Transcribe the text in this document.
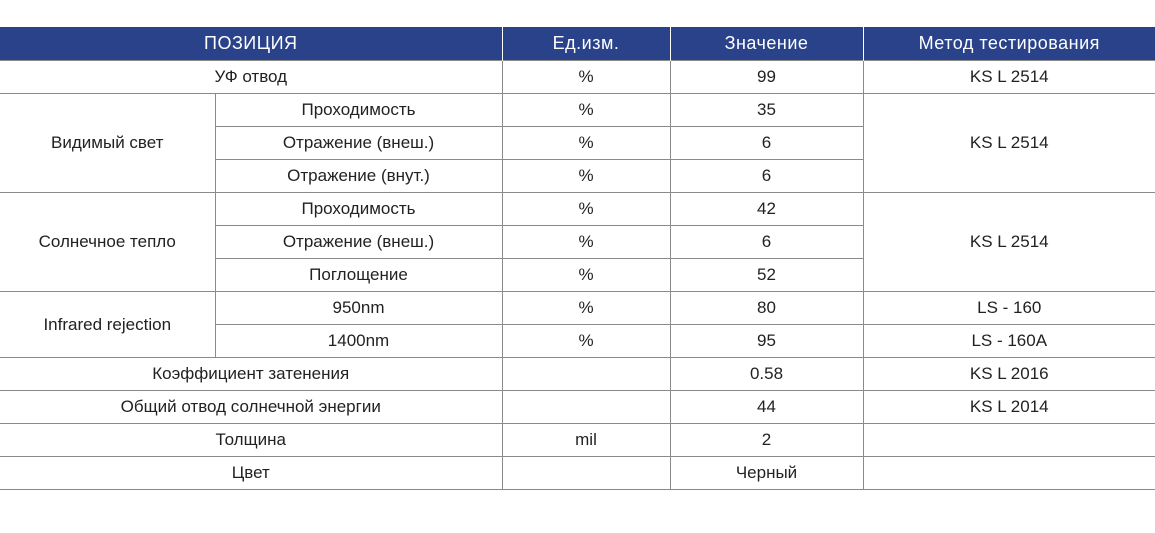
ПОЗИЦИЯ		Ед.изм.	Значение	Метод тестирования
УФ отвод		%	99	KS L 2514
Видимый свет	Проходимость	%	35	KS L 2514
	Отражение (внеш.)	%	6	
	Отражение (внут.)	%	6	
Солнечное тепло	Проходимость	%	42	KS L 2514
	Отражение (внеш.)	%	6	
	Поглощение	%	52	
Infrared rejection	950nm	%	80	LS - 160
	1400nm	%	95	LS - 160A
Коэффициент затенения			0.58	KS L 2016
Общий отвод солнечной энергии			44	KS L 2014
Толщина		mil	2	
Цвет			Черный	
